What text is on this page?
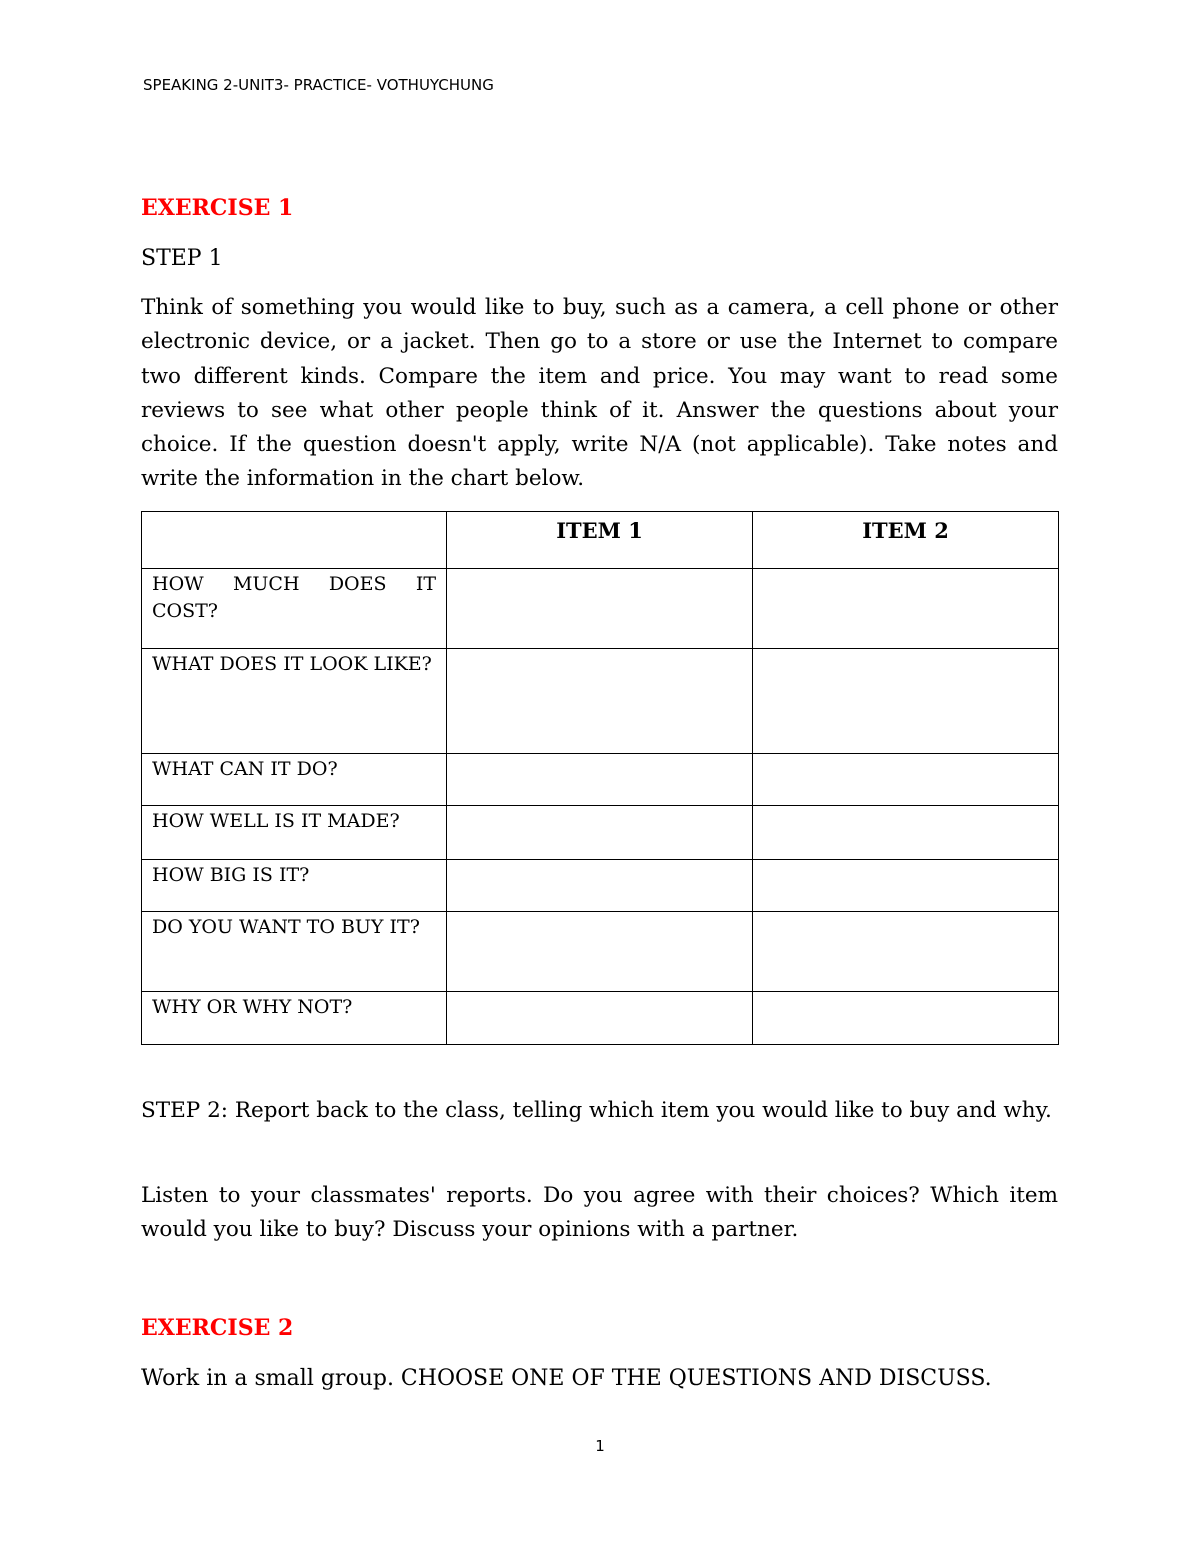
SPEAKING 2-UNIT3- PRACTICE- VOTHUYCHUNG
EXERCISE 1
STEP 1

Think of something you would like to buy, such as a camera, a cell phone or other electronic device, or a jacket. Then go to a store or use the Internet to compare two different kinds. Compare the item and price. You may want to read some reviews to see what other people think of it. Answer the questions about your choice. If the question doesn't apply, write N/A (not applicable). Take notes and write the information in the chart below.

	ITEM 1	ITEM 2
HOW MUCH DOES IT COST?		
WHAT DOES IT LOOK LIKE?		
WHAT CAN IT DO?		
HOW WELL IS IT MADE?		
HOW BIG IS IT?		
DO YOU WANT TO BUY IT?		
WHY OR WHY NOT?		

STEP 2: Report back to the class, telling which item you would like to buy and why.

Listen to your classmates' reports. Do you agree with their choices? Which item would you like to buy? Discuss your opinions with a partner.

EXERCISE 2
Work in a small group. CHOOSE ONE OF THE QUESTIONS AND DISCUSS.
1
